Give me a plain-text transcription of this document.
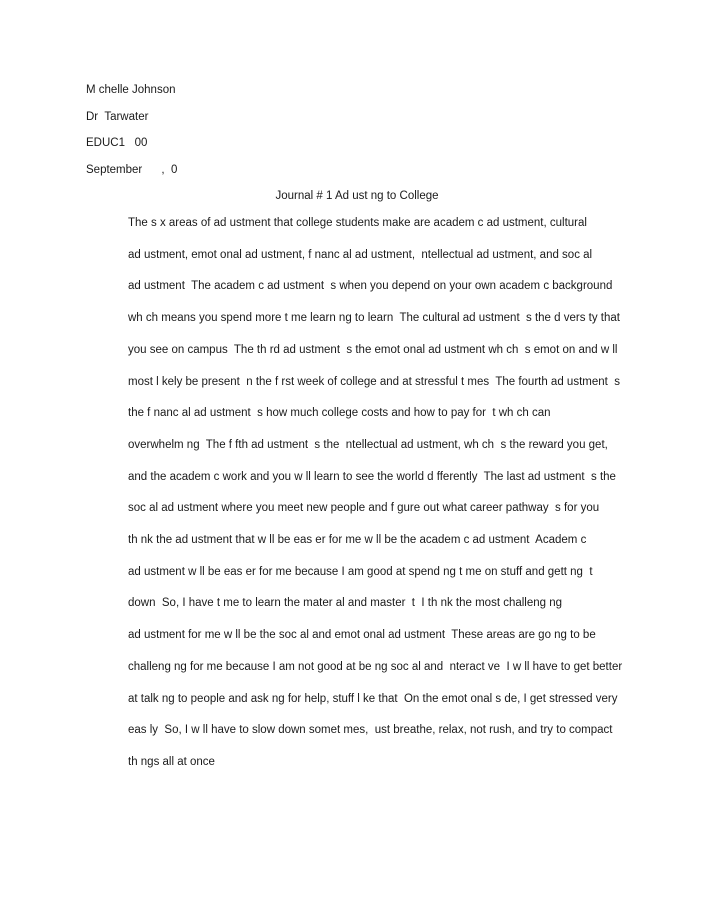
M chelle Johnson
Dr  Tarwater
EDUC1   00
September      ,  0
Journal # 1 Ad ust ng to College
The s x areas of ad ustment that college students make are academ c ad ustment, cultural
ad ustment, emot onal ad ustment, f nanc al ad ustment,  ntellectual ad ustment, and soc al
ad ustment  The academ c ad ustment  s when you depend on your own academ c background
wh ch means you spend more t me learn ng to learn  The cultural ad ustment  s the d vers ty that
you see on campus  The th rd ad ustment  s the emot onal ad ustment wh ch  s emot on and w ll
most l kely be present  n the f rst week of college and at stressful t mes  The fourth ad ustment  s
the f nanc al ad ustment  s how much college costs and how to pay for  t wh ch can
overwhelm ng  The f fth ad ustment  s the  ntellectual ad ustment, wh ch  s the reward you get,
and the academ c work and you w ll learn to see the world d fferently  The last ad ustment  s the
soc al ad ustment where you meet new people and f gure out what career pathway  s for you
th nk the ad ustment that w ll be eas er for me w ll be the academ c ad ustment  Academ c
ad ustment w ll be eas er for me because I am good at spend ng t me on stuff and gett ng  t
down  So, I have t me to learn the mater al and master  t  I th nk the most challeng ng
ad ustment for me w ll be the soc al and emot onal ad ustment  These areas are go ng to be
challeng ng for me because I am not good at be ng soc al and  nteract ve  I w ll have to get better
at talk ng to people and ask ng for help, stuff l ke that  On the emot onal s de, I get stressed very
eas ly  So, I w ll have to slow down somet mes,  ust breathe, relax, not rush, and try to compact
th ngs all at once
